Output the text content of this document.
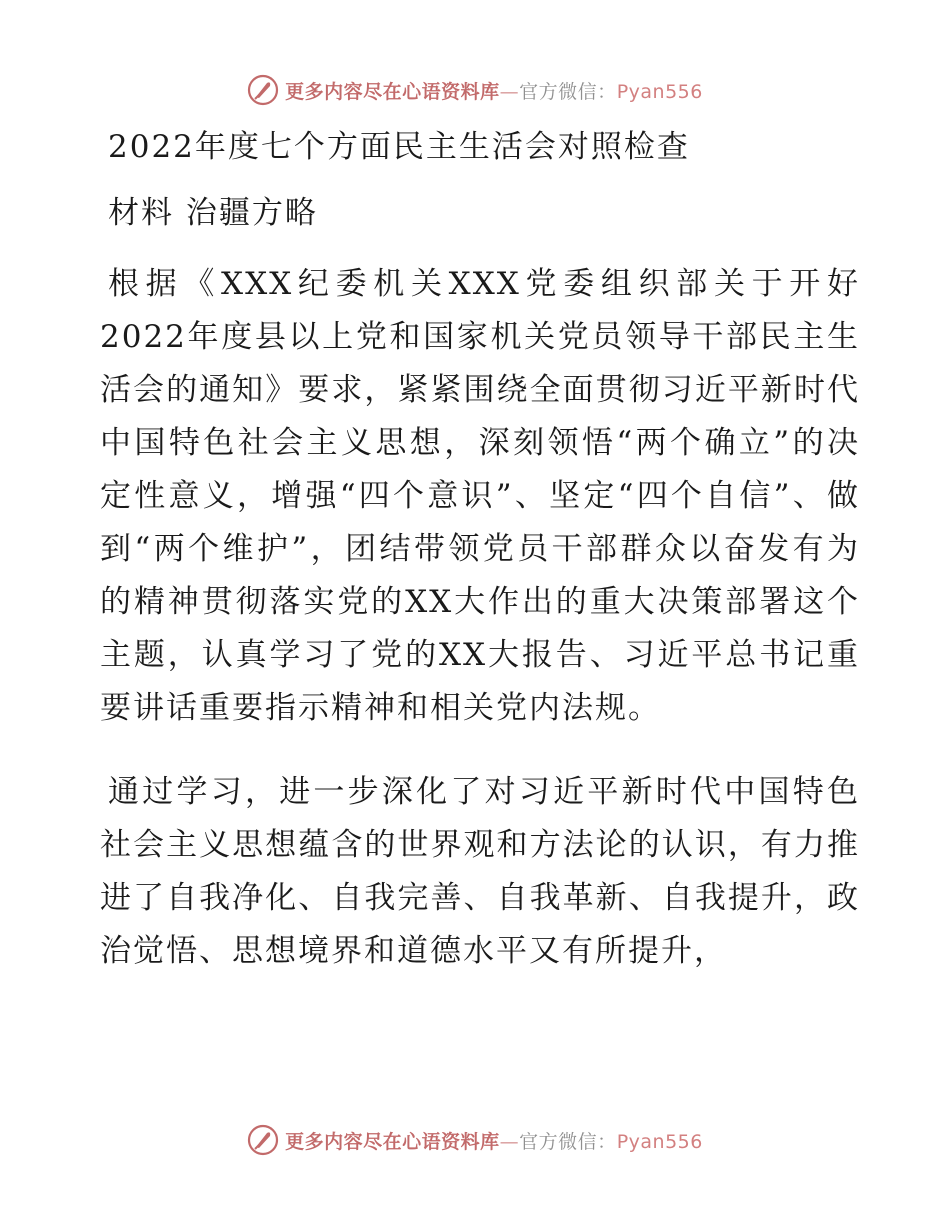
更多内容尽在心语资料库—官方微信：Pyan556
2022年度七个方面民主生活会对照检查
材料 治疆方略

根据《XXX纪委机关XXX党委组织部关于开好2022年度县以上党和国家机关党员领导干部民主生活会的通知》要求，紧紧围绕全面贯彻习近平新时代中国特色社会主义思想，深刻领悟“两个确立”的决定性意义，增强“四个意识”、坚定“四个自信”、做到“两个维护”，团结带领党员干部群众以奋发有为的精神贯彻落实党的XX大作出的重大决策部署这个主题，认真学习了党的XX大报告、习近平总书记重要讲话重要指示精神和相关党内法规。

通过学习，进一步深化了对习近平新时代中国特色社会主义思想蕴含的世界观和方法论的认识，有力推进了自我净化、自我完善、自我革新、自我提升，政治觉悟、思想境界和道德水平又有所提升，

更多内容尽在心语资料库—官方微信：Pyan556
